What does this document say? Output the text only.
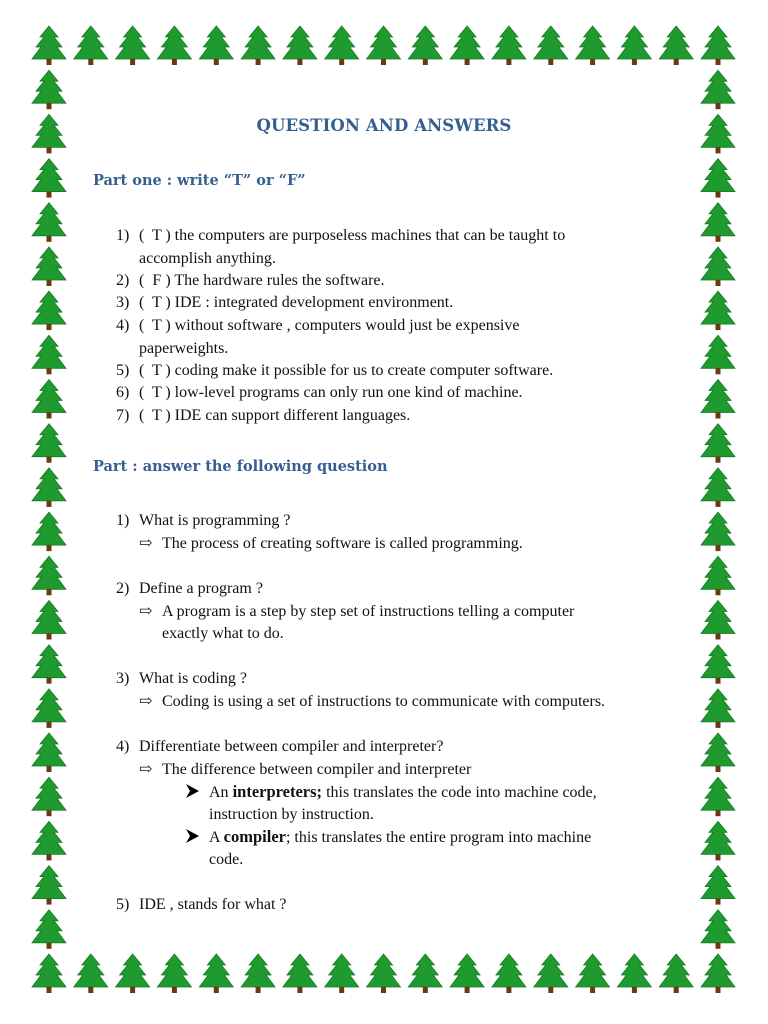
QUESTION AND ANSWERS
Part one : write “T” or “F”
1) ( T ) the computers are purposeless machines that can be taught to
accomplish anything.
2) ( F ) The hardware rules the software.
3) ( T ) IDE : integrated development environment.
4) ( T ) without software , computers would just be expensive
paperweights.
5) ( T ) coding make it possible for us to create computer software.
6) ( T ) low-level programs can only run one kind of machine.
7) ( T ) IDE can support different languages.
Part : answer the following question
1) What is programming ?
⇨ The process of creating software is called programming.
2) Define a program ?
⇨ A program is a step by step set of instructions telling a computer
exactly what to do.
3) What is coding ?
⇨ Coding is using a set of instructions to communicate with computers.
4) Differentiate between compiler and interpreter?
⇨ The difference between compiler and interpreter
An interpreters; this translates the code into machine code,
instruction by instruction.
A compiler; this translates the entire program into machine
code.
5) IDE , stands for what ?
